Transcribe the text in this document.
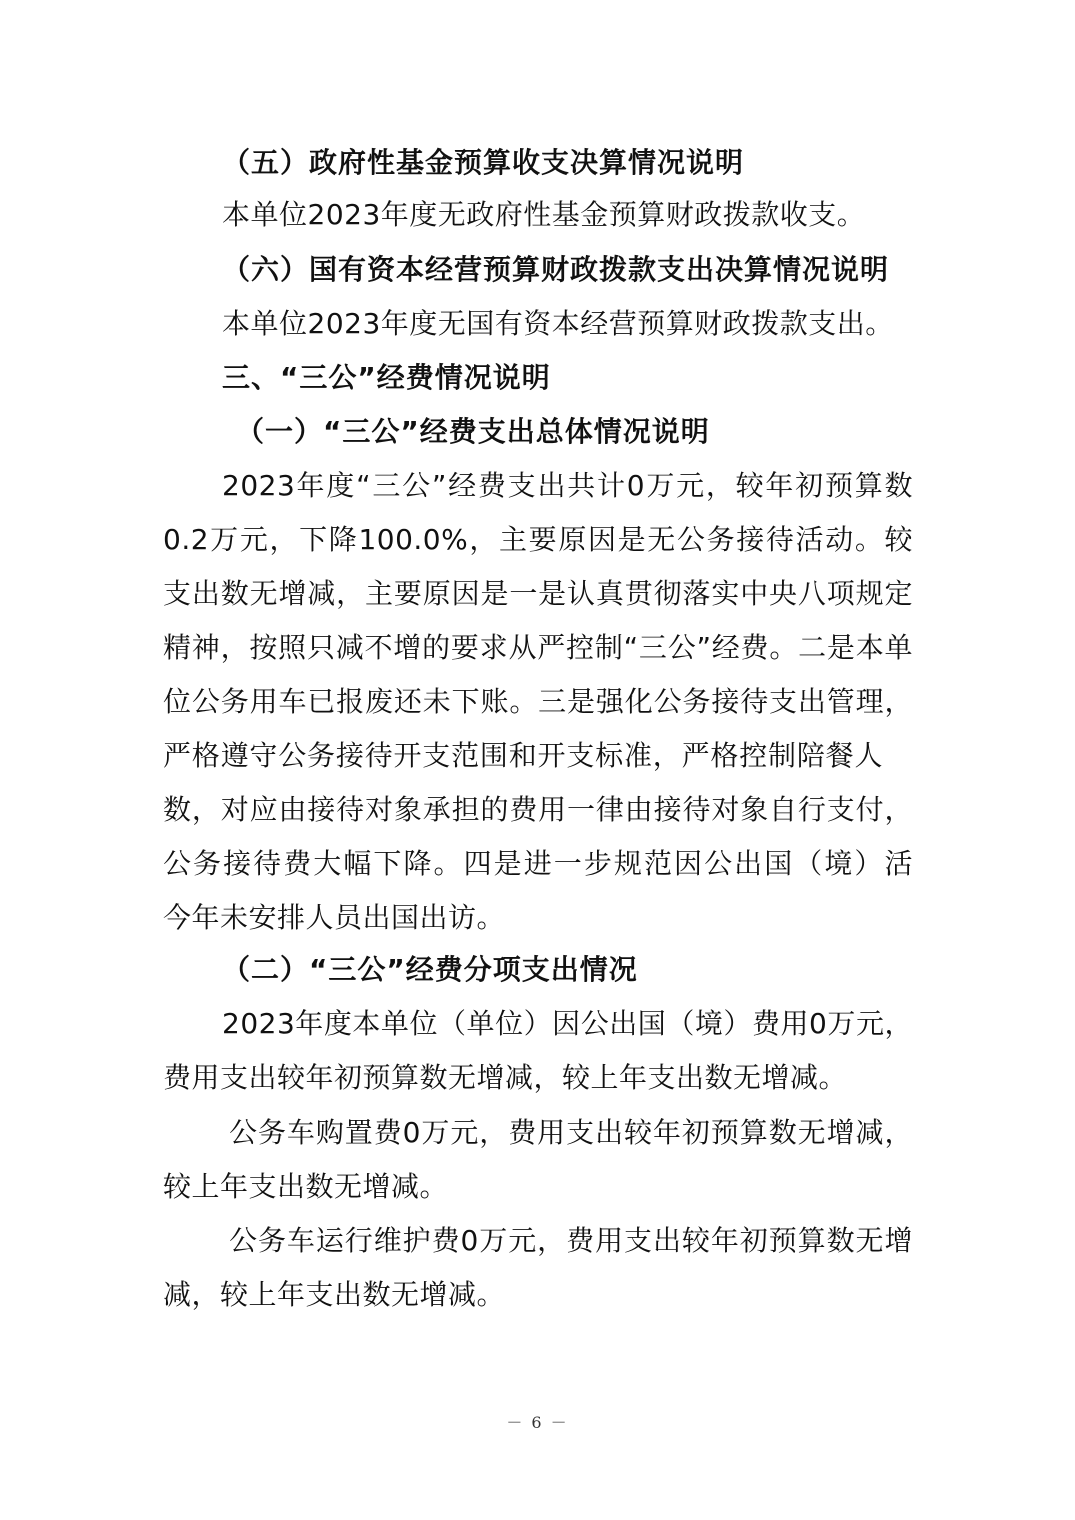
（五）政府性基金预算收支决算情况说明
本单位2023年度无政府性基金预算财政拨款收支。
（六）国有资本经营预算财政拨款支出决算情况说明
本单位2023年度无国有资本经营预算财政拨款支出。
三、“三公”经费情况说明
（一）“三公”经费支出总体情况说明
2023年度“三公”经费支出共计0万元，较年初预算数
0.2万元，下降100.0%，主要原因是无公务接待活动。较
支出数无增减，主要原因是一是认真贯彻落实中央八项规定
精神，按照只减不增的要求从严控制“三公”经费。二是本单
位公务用车已报废还未下账。三是强化公务接待支出管理，
严格遵守公务接待开支范围和开支标准，严格控制陪餐人
数，对应由接待对象承担的费用一律由接待对象自行支付，
公务接待费大幅下降。四是进一步规范因公出国（境）活
今年未安排人员出国出访。
（二）“三公”经费分项支出情况
2023年度本单位（单位）因公出国（境）费用0万元，
费用支出较年初预算数无增减，较上年支出数无增减。
公务车购置费0万元，费用支出较年初预算数无增减，
较上年支出数无增减。
公务车运行维护费0万元，费用支出较年初预算数无增
减，较上年支出数无增减。
－ 6 －
